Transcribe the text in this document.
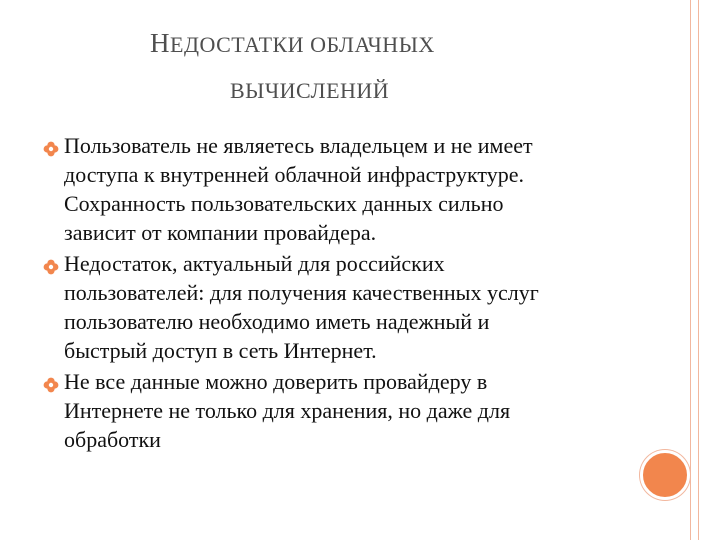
НЕДОСТАТКИ ОБЛАЧНЫХ
ВЫЧИСЛЕНИЙ
Пользователь не являетесь владельцем и не имеет
доступа к внутренней облачной инфраструктуре.
Сохранность пользовательских данных сильно
зависит от компании провайдера.
Недостаток, актуальный для российских
пользователей: для получения качественных услуг
пользователю необходимо иметь надежный и
быстрый доступ в сеть Интернет.
Не все данные можно доверить провайдеру в
Интернете не только для хранения, но даже для
обработки
